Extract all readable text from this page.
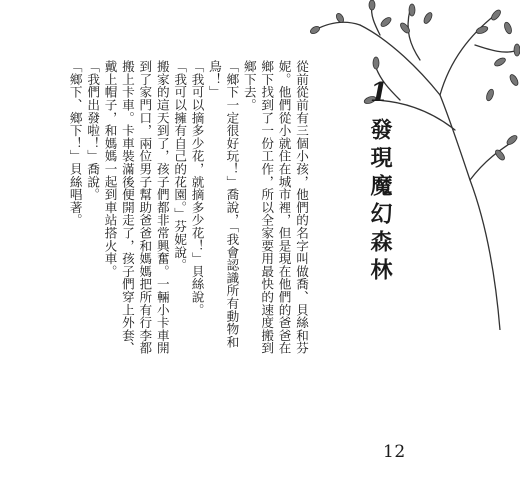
1
發現魔幻森林

從前從前有三個小孩，他們的名字叫做喬、貝絲和芬妮。他們從小就住在城市裡，但是現在他們的爸爸在鄉下找到了一份工作，所以全家要用最快的速度搬到鄉下去。

「鄉下一定很好玩！」喬說，「我會認識所有動物和鳥！」

「我可以摘多少花，就摘多少花！」貝絲說。

「我可以擁有自己的花園。」芬妮說。

搬家的這天到了，孩子們都非常興奮。一輛小卡車開到了家門口，兩位男子幫助爸爸和媽媽把所有行李都搬上卡車。卡車裝滿後便開走了，孩子們穿上外套、戴上帽子，和媽媽一起到車站搭火車。

「我們出發啦！」喬說。

「鄉下、鄉下！」貝絲唱著。

12
